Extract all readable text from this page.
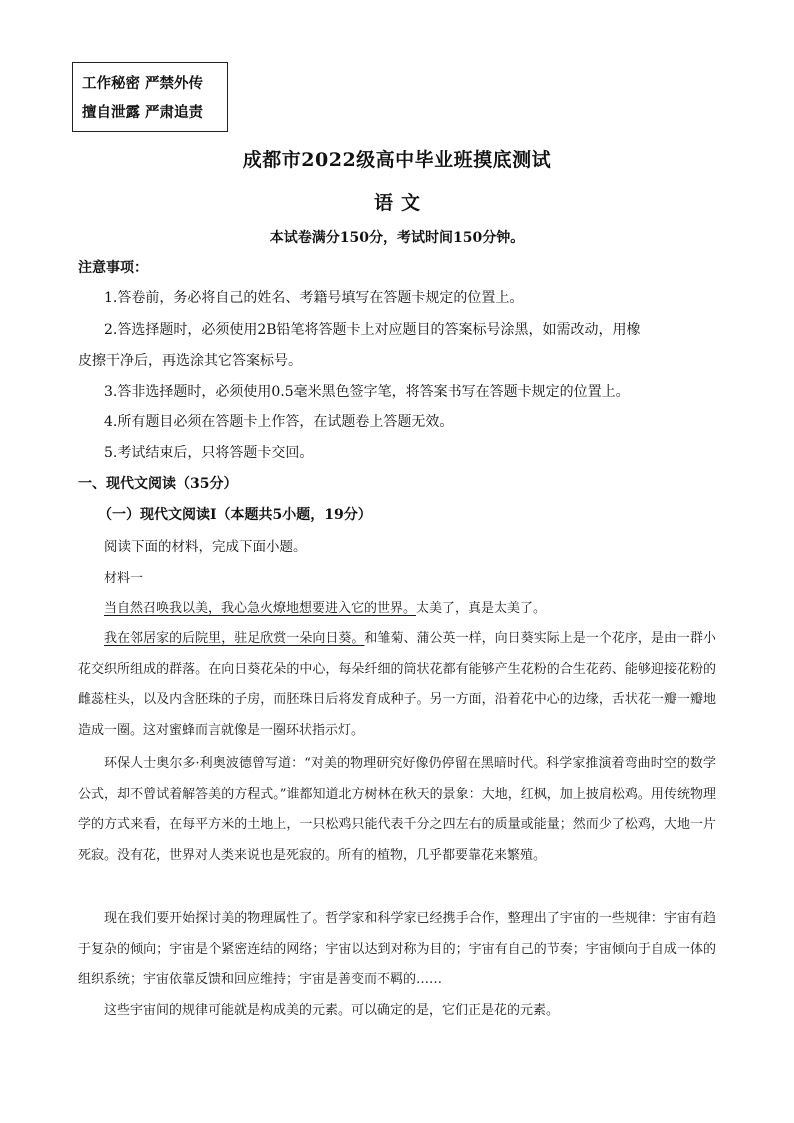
工作秘密 严禁外传
擅自泄露 严肃追责
成都市2022级高中毕业班摸底测试
语文
本试卷满分150分，考试时间150分钟。
注意事项：
1.答卷前，务必将自己的姓名、考籍号填写在答题卡规定的位置上。
2.答选择题时，必须使用2B铅笔将答题卡上对应题目的答案标号涂黑，如需改动，用橡
皮擦干净后，再选涂其它答案标号。
3.答非选择题时，必须使用0.5毫米黑色签字笔，将答案书写在答题卡规定的位置上。
4.所有题目必须在答题卡上作答，在试题卷上答题无效。
5.考试结束后，只将答题卡交回。
一、现代文阅读（35分）
（一）现代文阅读Ⅰ（本题共5小题，19分）
阅读下面的材料，完成下面小题。
材料一
当自然召唤我以美，我心急火燎地想要进入它的世界。太美了，真是太美了。
我在邻居家的后院里，驻足欣赏一朵向日葵。和雏菊、蒲公英一样，向日葵实际上是一个花序，是由一群小花交织所组成的群落。在向日葵花朵的中心，每朵纤细的筒状花都有能够产生花粉的合生花药、能够迎接花粉的雌蕊柱头，以及内含胚珠的子房，而胚珠日后将发育成种子。另一方面，沿着花中心的边缘，舌状花一瓣一瓣地造成一圈。这对蜜蜂而言就像是一圈环状指示灯。
环保人士奥尔多·利奥波德曾写道：“对美的物理研究好像仍停留在黑暗时代。科学家推演着弯曲时空的数学公式，却不曾试着解答美的方程式。”谁都知道北方树林在秋天的景象：大地，红枫，加上披肩松鸡。用传统物理学的方式来看，在每平方米的土地上，一只松鸡只能代表千分之四左右的质量或能量；然而少了松鸡，大地一片死寂。没有花，世界对人类来说也是死寂的。所有的植物，几乎都要靠花来繁殖。
现在我们要开始探讨美的物理属性了。哲学家和科学家已经携手合作，整理出了宇宙的一些规律：宇宙有趋于复杂的倾向；宇宙是个紧密连结的网络；宇宙以达到对称为目的；宇宙有自己的节奏；宇宙倾向于自成一体的组织系统；宇宙依靠反馈和回应维持；宇宙是善变而不羁的……
这些宇宙间的规律可能就是构成美的元素。可以确定的是，它们正是花的元素。
